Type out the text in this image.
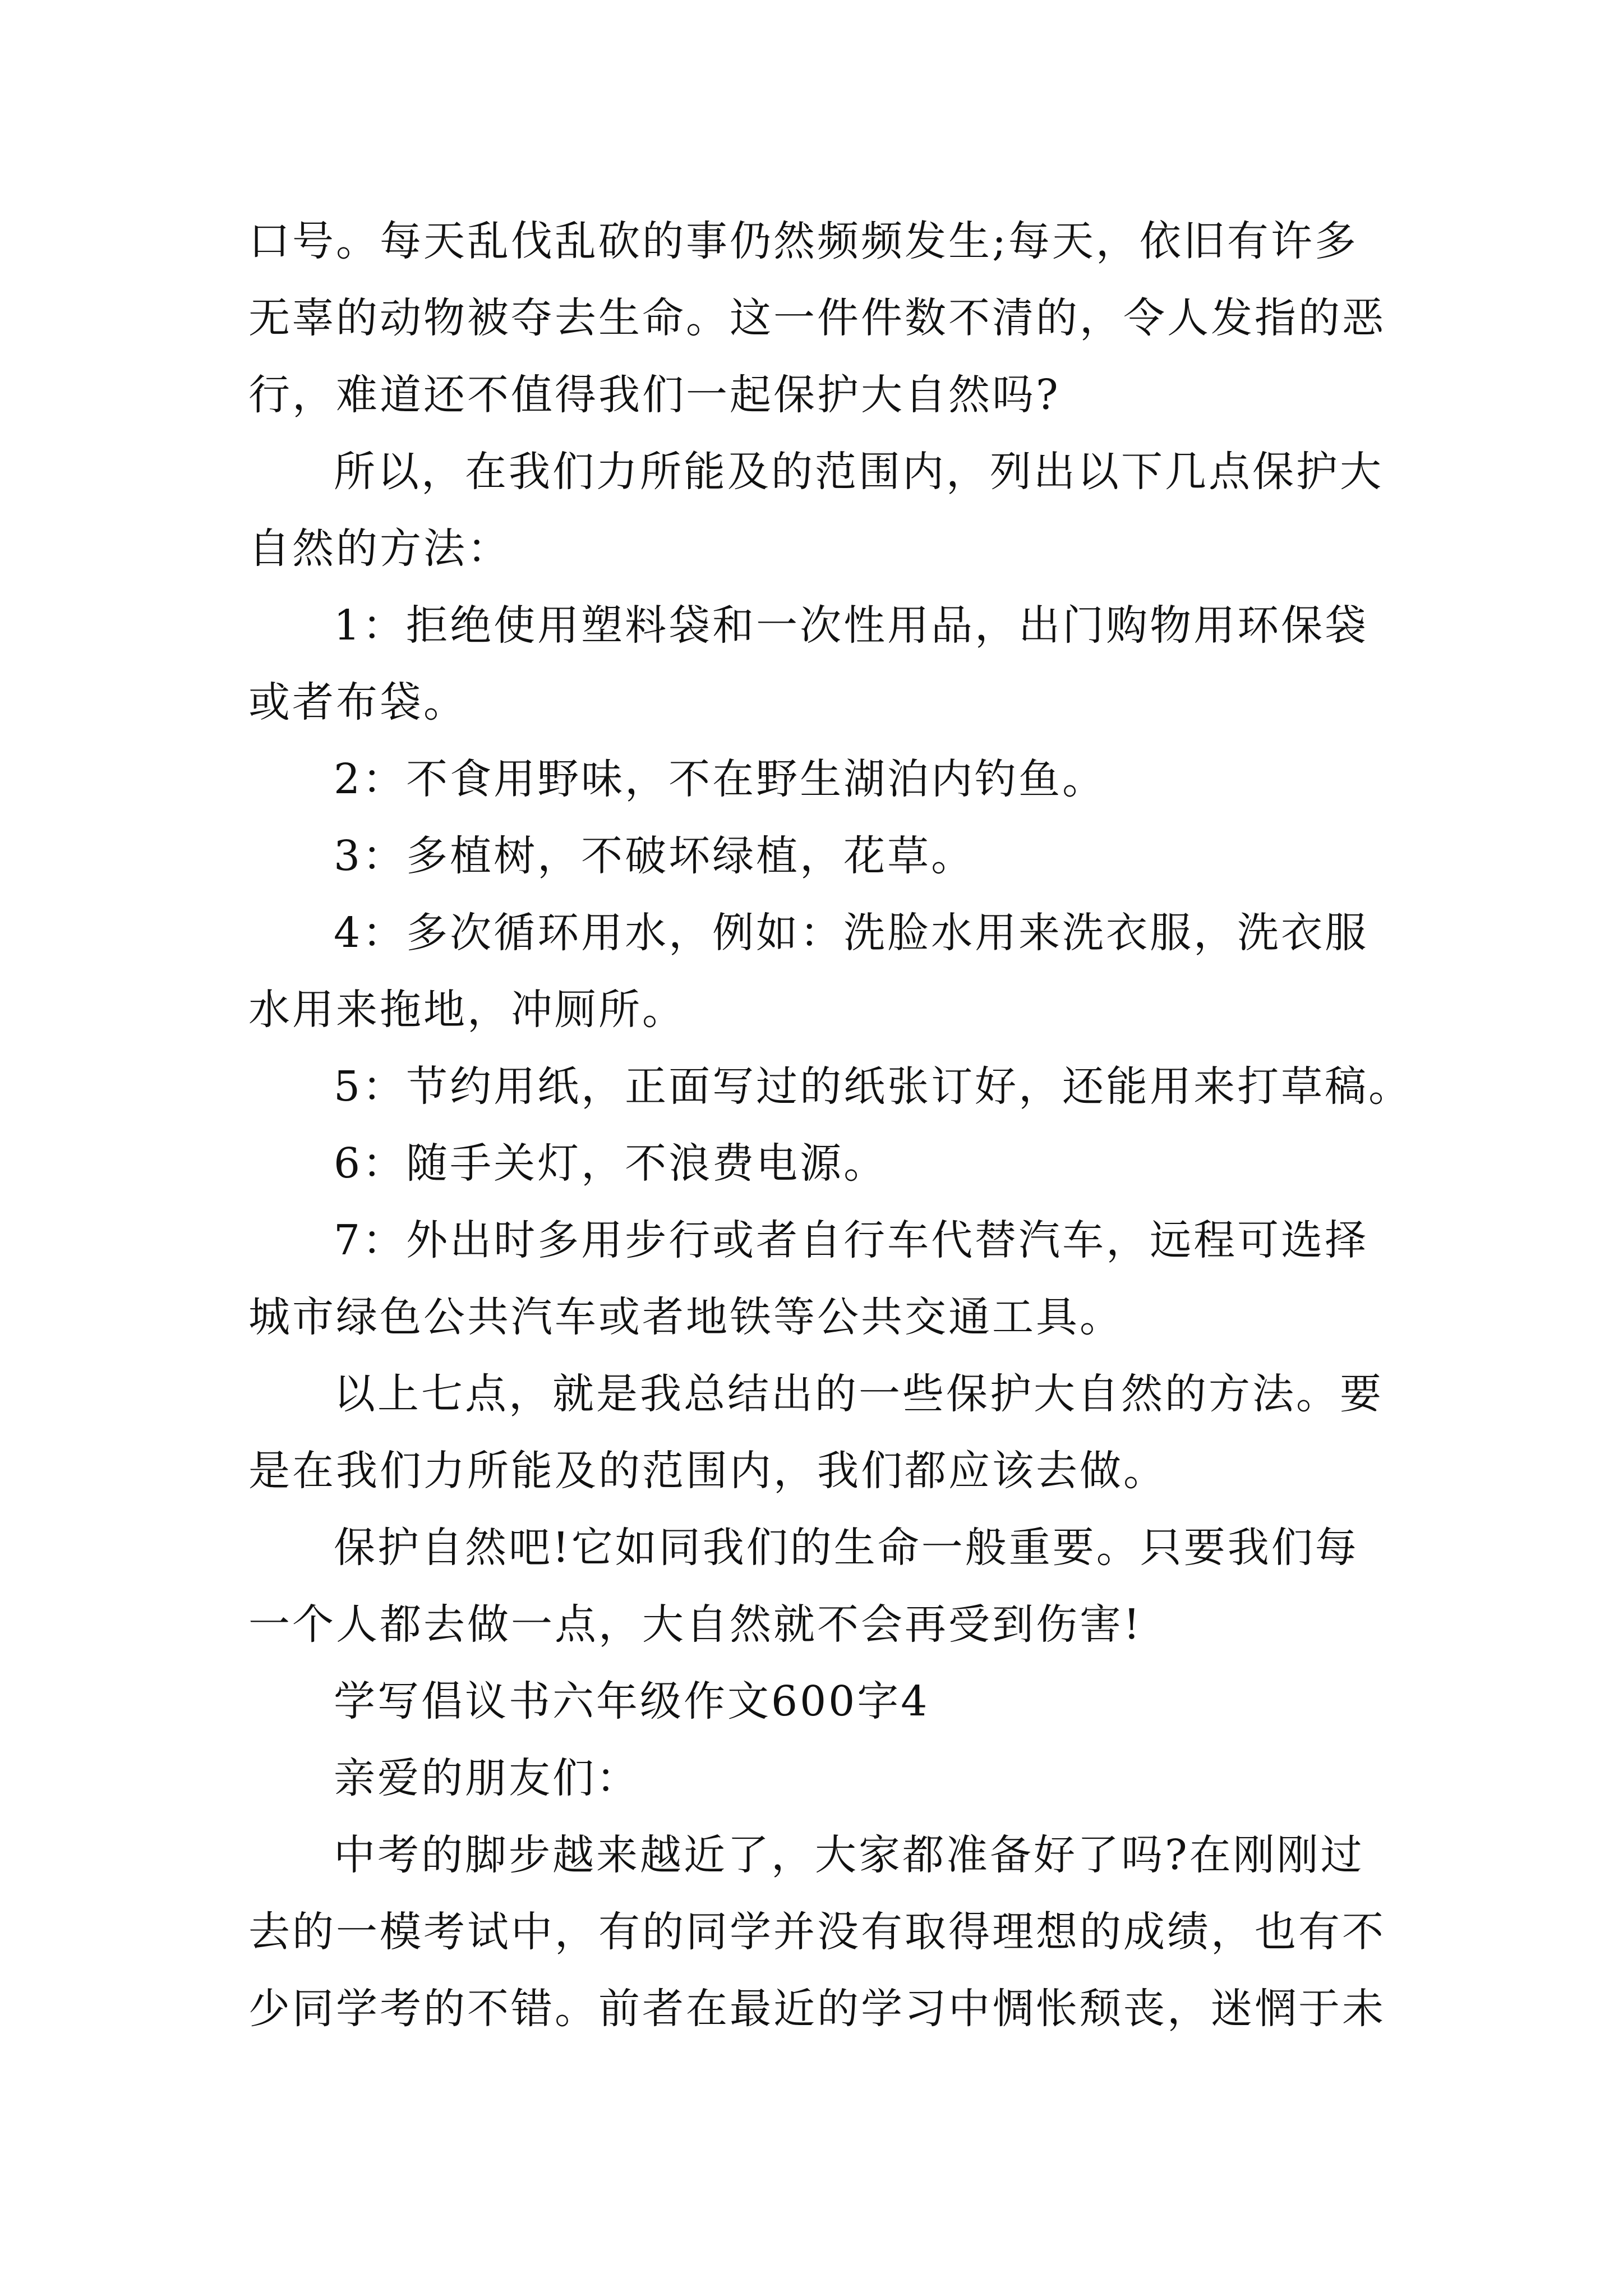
口号。每天乱伐乱砍的事仍然频频发生;每天，依旧有许多
无辜的动物被夺去生命。这一件件数不清的，令人发指的恶
行，难道还不值得我们一起保护大自然吗?
所以，在我们力所能及的范围内，列出以下几点保护大
自然的方法：
1：拒绝使用塑料袋和一次性用品，出门购物用环保袋
或者布袋。
2：不食用野味，不在野生湖泊内钓鱼。
3：多植树，不破坏绿植，花草。
4：多次循环用水，例如：洗脸水用来洗衣服，洗衣服
水用来拖地，冲厕所。
5：节约用纸，正面写过的纸张订好，还能用来打草稿。
6：随手关灯，不浪费电源。
7：外出时多用步行或者自行车代替汽车，远程可选择
城市绿色公共汽车或者地铁等公共交通工具。
以上七点，就是我总结出的一些保护大自然的方法。要
是在我们力所能及的范围内，我们都应该去做。
保护自然吧!它如同我们的生命一般重要。只要我们每
一个人都去做一点，大自然就不会再受到伤害!
学写倡议书六年级作文600字4
亲爱的朋友们：
中考的脚步越来越近了，大家都准备好了吗?在刚刚过
去的一模考试中，有的同学并没有取得理想的成绩，也有不
少同学考的不错。前者在最近的学习中惆怅颓丧，迷惘于未
